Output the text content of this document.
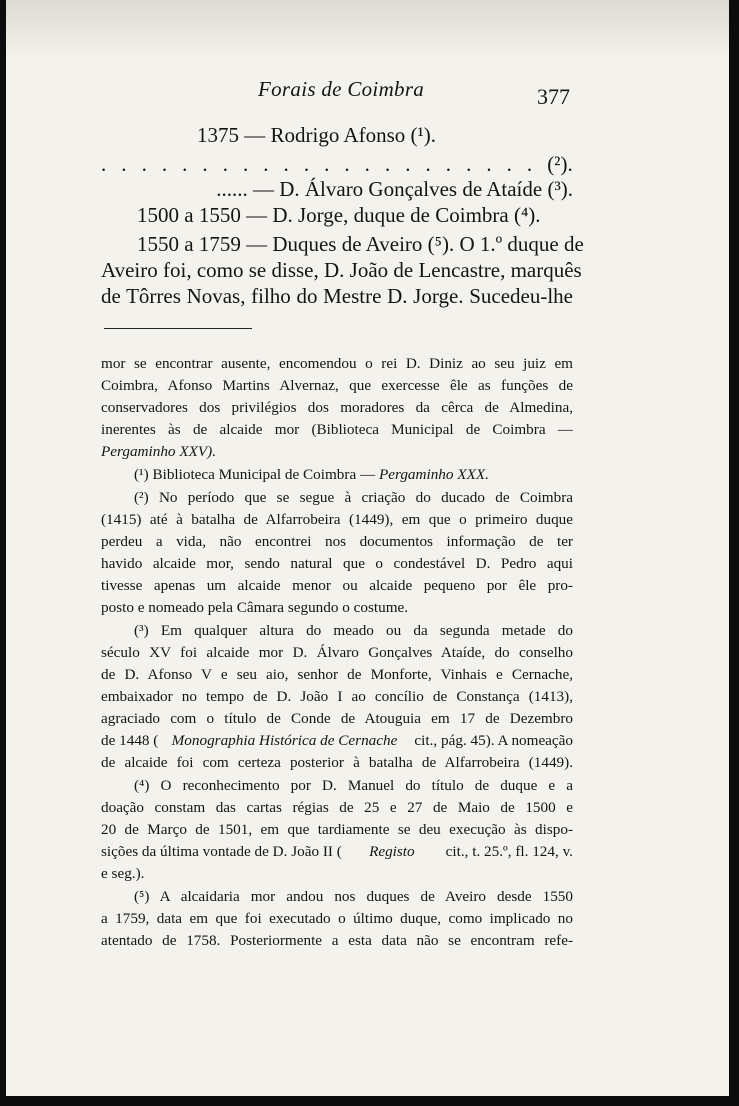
Forais de Coimbra	377
1375 — Rodrigo Afonso (¹).
. . . . . . . . . . . . . . . . . . . . . . (²).
...... — D. Álvaro Gonçalves de Ataíde (³).
1500 a 1550 — D. Jorge, duque de Coimbra (⁴).
1550 a 1759 — Duques de Aveiro (⁵). O 1.º duque de
Aveiro foi, como se disse, D. João de Lencastre, marquês
de Tôrres Novas, filho do Mestre D. Jorge. Sucedeu-lhe
mor se encontrar ausente, encomendou o rei D. Diniz ao seu juiz em
Coimbra, Afonso Martins Alvernaz, que exercesse êle as funções de
conservadores dos privilégios dos moradores da cêrca de Almedina,
inerentes às de alcaide mor (Biblioteca Municipal de Coimbra —
Pergaminho XXV).
(¹) Biblioteca Municipal de Coimbra — Pergaminho XXX.
(²) No período que se segue à criação do ducado de Coimbra
(1415) até à batalha de Alfarrobeira (1449), em que o primeiro duque
perdeu a vida, não encontrei nos documentos informação de ter
havido alcaide mor, sendo natural que o condestável D. Pedro aqui
tivesse apenas um alcaide menor ou alcaide pequeno por êle pro-
posto e nomeado pela Câmara segundo o costume.
(³) Em qualquer altura do meado ou da segunda metade do
século XV foi alcaide mor D. Álvaro Gonçalves Ataíde, do conselho
de D. Afonso V e seu aio, senhor de Monforte, Vinhais e Cernache,
embaixador no tempo de D. João I ao concílio de Constança (1413),
agraciado com o título de Conde de Atouguia em 17 de Dezembro
de 1448 ( Monographia Histórica de Cernache cit., pág. 45). A nomeação
de alcaide foi com certeza posterior à batalha de Alfarrobeira (1449).
(⁴) O reconhecimento por D. Manuel do título de duque e a
doação constam das cartas régias de 25 e 27 de Maio de 1500 e
20 de Março de 1501, em que tardiamente se deu execução às dispo-
sições da última vontade de D. João II ( Registo cit., t. 25.º, fl. 124, v.
e seg.).
(⁵) A alcaidaria mor andou nos duques de Aveiro desde 1550
a 1759, data em que foi executado o último duque, como implicado no
atentado de 1758. Posteriormente a esta data não se encontram refe-
